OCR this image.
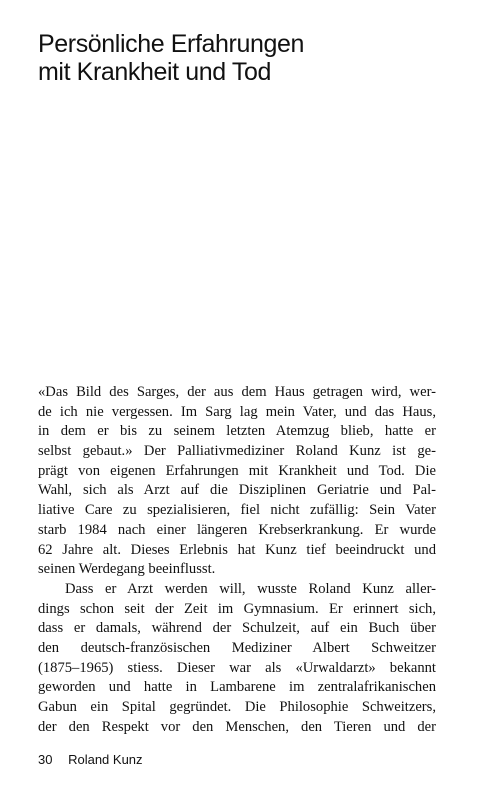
Persönliche Erfahrungen
mit Krankheit und Tod
«Das Bild des Sarges, der aus dem Haus getragen wird, wer-
de ich nie vergessen. Im Sarg lag mein Vater, und das Haus,
in dem er bis zu seinem letzten Atemzug blieb, hatte er
selbst gebaut.» Der Palliativmediziner Roland Kunz ist ge-
prägt von eigenen Erfahrungen mit Krankheit und Tod. Die
Wahl, sich als Arzt auf die Disziplinen Geriatrie und Pal-
liative Care zu spezialisieren, fiel nicht zufällig: Sein Vater
starb 1984 nach einer längeren Krebserkrankung. Er wurde
62 Jahre alt. Dieses Erlebnis hat Kunz tief beeindruckt und
seinen Werdegang beeinflusst.
Dass er Arzt werden will, wusste Roland Kunz aller-
dings schon seit der Zeit im Gymnasium. Er erinnert sich,
dass er damals, während der Schulzeit, auf ein Buch über
den deutsch-französischen Mediziner Albert Schweitzer
(1875–1965) stiess. Dieser war als «Urwaldarzt» bekannt
geworden und hatte in Lambarene im zentralafrikanischen
Gabun ein Spital gegründet. Die Philosophie Schweitzers,
der den Respekt vor den Menschen, den Tieren und der
30 Roland Kunz
